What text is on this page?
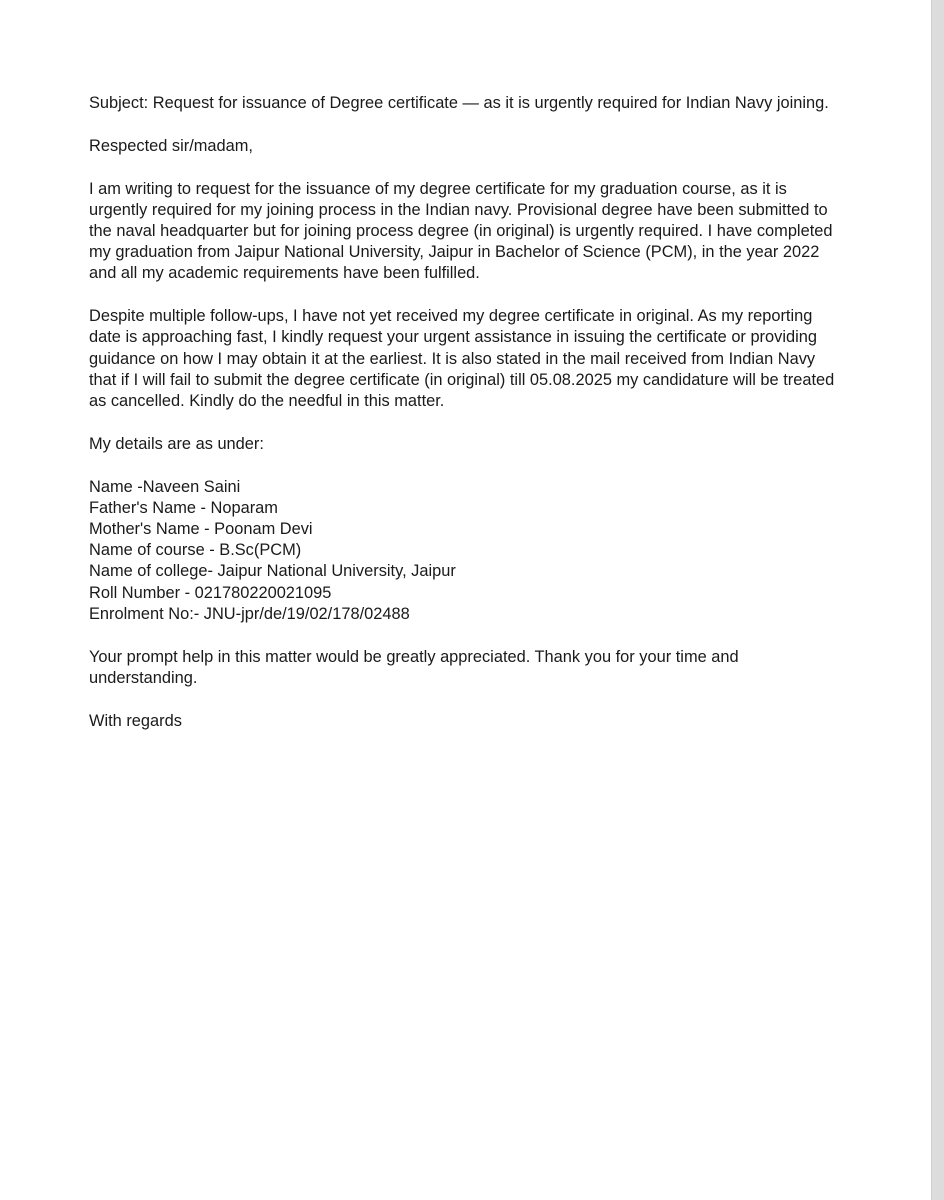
Subject: Request for issuance of Degree certificate — as it is urgently required for Indian Navy joining.

Respected sir/madam,

I am writing to request for the issuance of my degree certificate for my graduation course, as it is urgently required for my joining process in the Indian navy. Provisional degree have been submitted to the naval headquarter but for joining process degree (in original) is urgently required. I have completed my graduation from Jaipur National University, Jaipur in Bachelor of Science (PCM), in the year 2022 and all my academic requirements have been fulfilled.

Despite multiple follow-ups, I have not yet received my degree certificate in original. As my reporting date is approaching fast, I kindly request your urgent assistance in issuing the certificate or providing guidance on how I may obtain it at the earliest. It is also stated in the mail received from Indian Navy that if I will fail to submit the degree certificate (in original) till 05.08.2025 my candidature will be treated as cancelled. Kindly do the needful in this matter.

My details are as under:

Name -Naveen Saini
Father's Name - Noparam
Mother's Name - Poonam Devi
Name of course - B.Sc(PCM)
Name of college- Jaipur National University, Jaipur
Roll Number - 021780220021095
Enrolment No:- JNU-jpr/de/19/02/178/02488

Your prompt help in this matter would be greatly appreciated. Thank you for your time and understanding.

With regards
